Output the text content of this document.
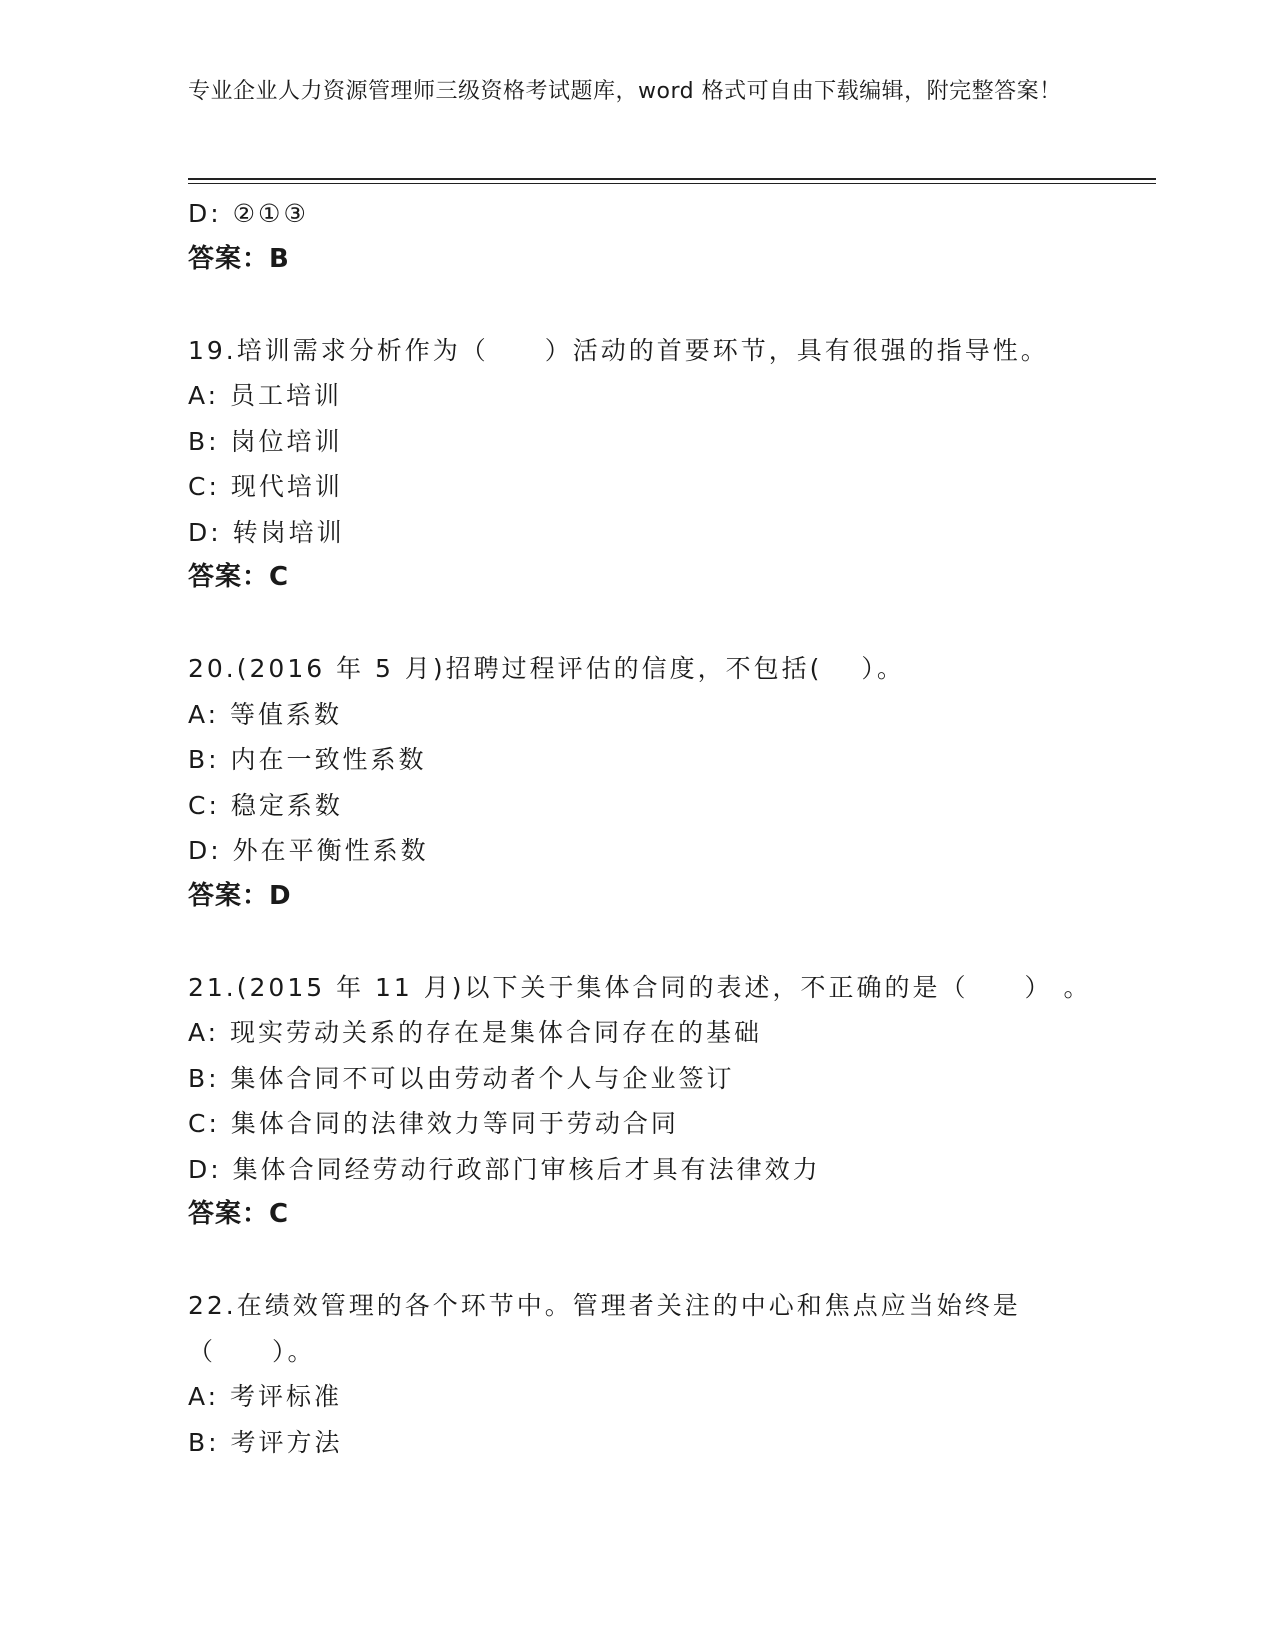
专业企业人力资源管理师三级资格考试题库，word 格式可自由下载编辑，附完整答案！
D: ②①③
答案：B
19.培训需求分析作为（　　）活动的首要环节，具有很强的指导性。
A: 员工培训
B: 岗位培训
C: 现代培训
D: 转岗培训
答案：C
20.(2016 年 5 月)招聘过程评估的信度，不包括(　 ）。
A: 等值系数
B: 内在一致性系数
C: 稳定系数
D: 外在平衡性系数
答案：D
21.(2015 年 11 月)以下关于集体合同的表述，不正确的是（　　） 。
A: 现实劳动关系的存在是集体合同存在的基础
B: 集体合同不可以由劳动者个人与企业签订
C: 集体合同的法律效力等同于劳动合同
D: 集体合同经劳动行政部门审核后才具有法律效力
答案：C
22.在绩效管理的各个环节中。管理者关注的中心和焦点应当始终是（　　）。
A: 考评标准
B: 考评方法
